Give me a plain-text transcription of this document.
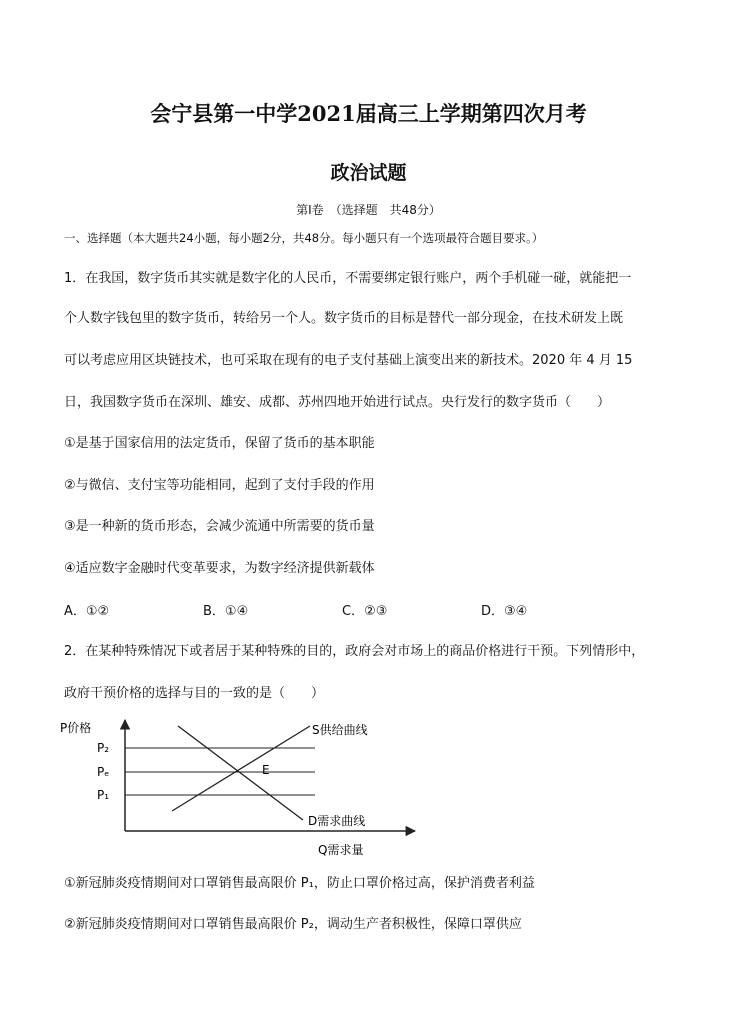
会宁县第一中学2021届高三上学期第四次月考
政治试题
第Ⅰ卷　（选择题　共48分）
一、选择题（本大题共24小题，每小题2分，共48分。每小题只有一个选项最符合题目要求。）
1．在我国，数字货币其实就是数字化的人民币，不需要绑定银行账户，两个手机碰一碰，就能把一
个人数字钱包里的数字货币，转给另一个人。数字货币的目标是替代一部分现金，在技术研发上既
可以考虑应用区块链技术，也可采取在现有的电子支付基础上演变出来的新技术。2020 年 4 月 15
日，我国数字货币在深圳、雄安、成都、苏州四地开始进行试点。央行发行的数字货币（　　）
①是基于国家信用的法定货币，保留了货币的基本职能
②与微信、支付宝等功能相同，起到了支付手段的作用
③是一种新的货币形态，会减少流通中所需要的货币量
④适应数字金融时代变革要求，为数字经济提供新载体
A．①②	B．①④	C．②③	D．③④
2．在某种特殊情况下或者居于某种特殊的目的，政府会对市场上的商品价格进行干预。下列情形中，
政府干预价格的选择与目的一致的是（　　）
P价格
P₂
Pₑ
P₁
E
S供给曲线
D需求曲线
Q需求量
①新冠肺炎疫情期间对口罩销售最高限价 P₁，防止口罩价格过高，保护消费者利益
②新冠肺炎疫情期间对口罩销售最高限价 P₂，调动生产者积极性，保障口罩供应
